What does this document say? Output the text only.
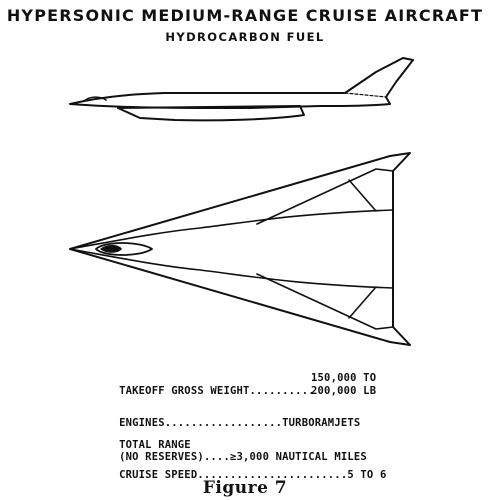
HYPERSONIC MEDIUM-RANGE CRUISE AIRCRAFT
HYDROCARBON FUEL

TAKEOFF GROSS WEIGHT..........

150,000 TO

200,000 LB

ENGINES..................TURBORAMJETS

TOTAL RANGE

(NO RESERVES)....≥3,000 NAUTICAL MILES

CRUISE SPEED.......................5 TO 6

Figure 7
